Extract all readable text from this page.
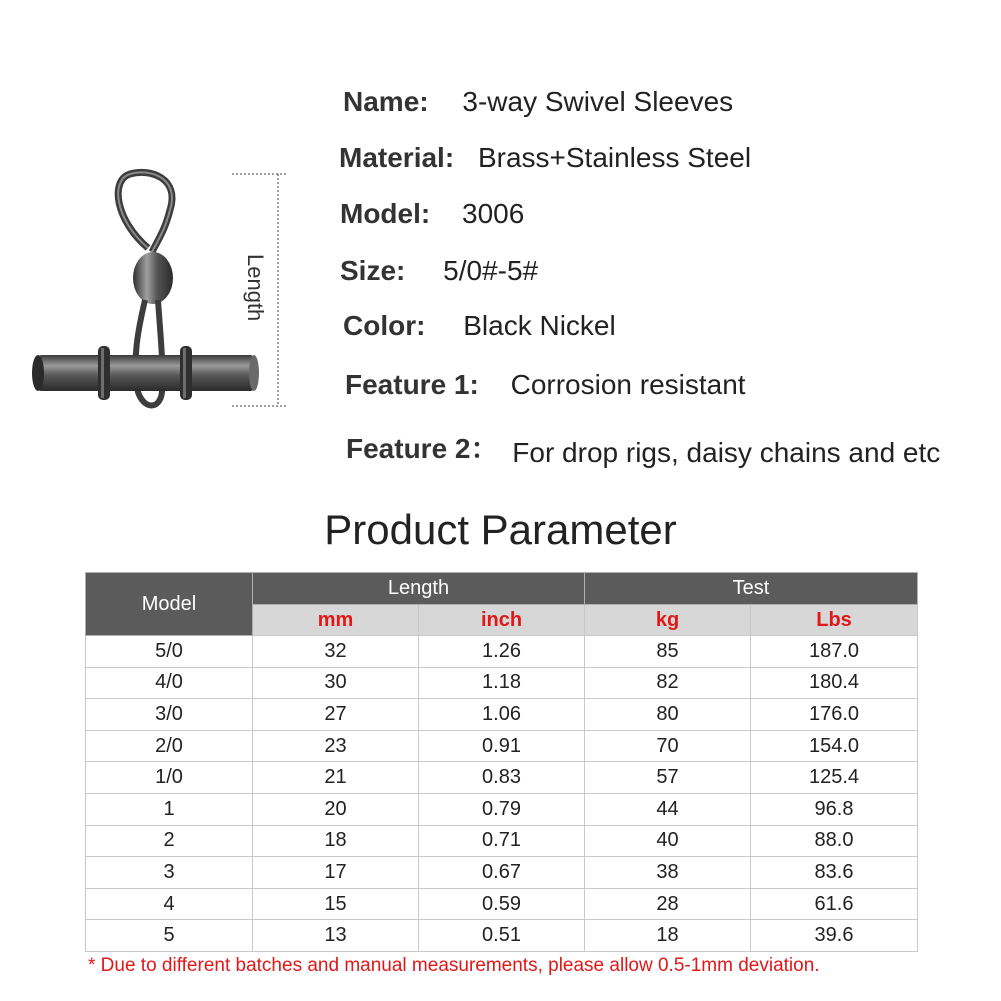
Length
Name: 3-way Swivel Sleeves
Material: Brass+Stainless Steel
Model: 3006
Size: 5/0#-5#
Color: Black Nickel
Feature 1: Corrosion resistant
Feature 2： For drop rigs, daisy chains and etc
Product Parameter
Model	Length		Test	
	mm	inch	kg	Lbs
5/0	32	1.26	85	187.0
4/0	30	1.18	82	180.4
3/0	27	1.06	80	176.0
2/0	23	0.91	70	154.0
1/0	21	0.83	57	125.4
1	20	0.79	44	96.8
2	18	0.71	40	88.0
3	17	0.67	38	83.6
4	15	0.59	28	61.6
5	13	0.51	18	39.6
* Due to different batches and manual measurements, please allow 0.5-1mm deviation.
